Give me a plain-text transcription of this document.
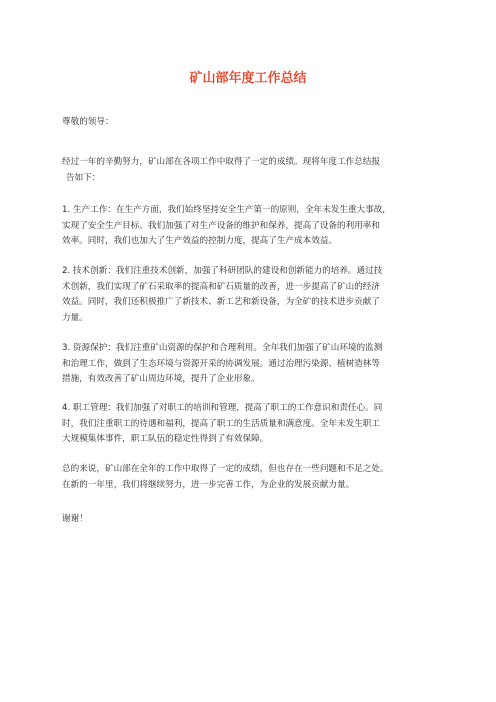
矿山部年度工作总结
尊敬的领导：
经过一年的辛勤努力，矿山部在各项工作中取得了一定的成绩。现将年度工作总结报
告如下：
1. 生产工作：在生产方面，我们始终坚持安全生产第一的原则，全年未发生重大事故，
实现了安全生产目标。我们加强了对生产设备的维护和保养，提高了设备的利用率和
效率。同时，我们也加大了生产效益的控制力度，提高了生产成本效益。
2. 技术创新：我们注重技术创新，加强了科研团队的建设和创新能力的培养。通过技
术创新，我们实现了矿石采取率的提高和矿石质量的改善，进一步提高了矿山的经济
效益。同时，我们还积极推广了新技术、新工艺和新设备，为全矿的技术进步贡献了
力量。
3. 资源保护：我们注重矿山资源的保护和合理利用。全年我们加强了矿山环境的监测
和治理工作，做到了生态环境与资源开采的协调发展。通过治理污染源、植树造林等
措施，有效改善了矿山周边环境，提升了企业形象。
4. 职工管理：我们加强了对职工的培训和管理，提高了职工的工作意识和责任心。同
时，我们注重职工的待遇和福利，提高了职工的生活质量和满意度。全年未发生职工
大规模集体事件，职工队伍的稳定性得到了有效保障。
总的来说，矿山部在全年的工作中取得了一定的成绩，但也存在一些问题和不足之处。
在新的一年里，我们将继续努力，进一步完善工作，为企业的发展贡献力量。
谢谢！
